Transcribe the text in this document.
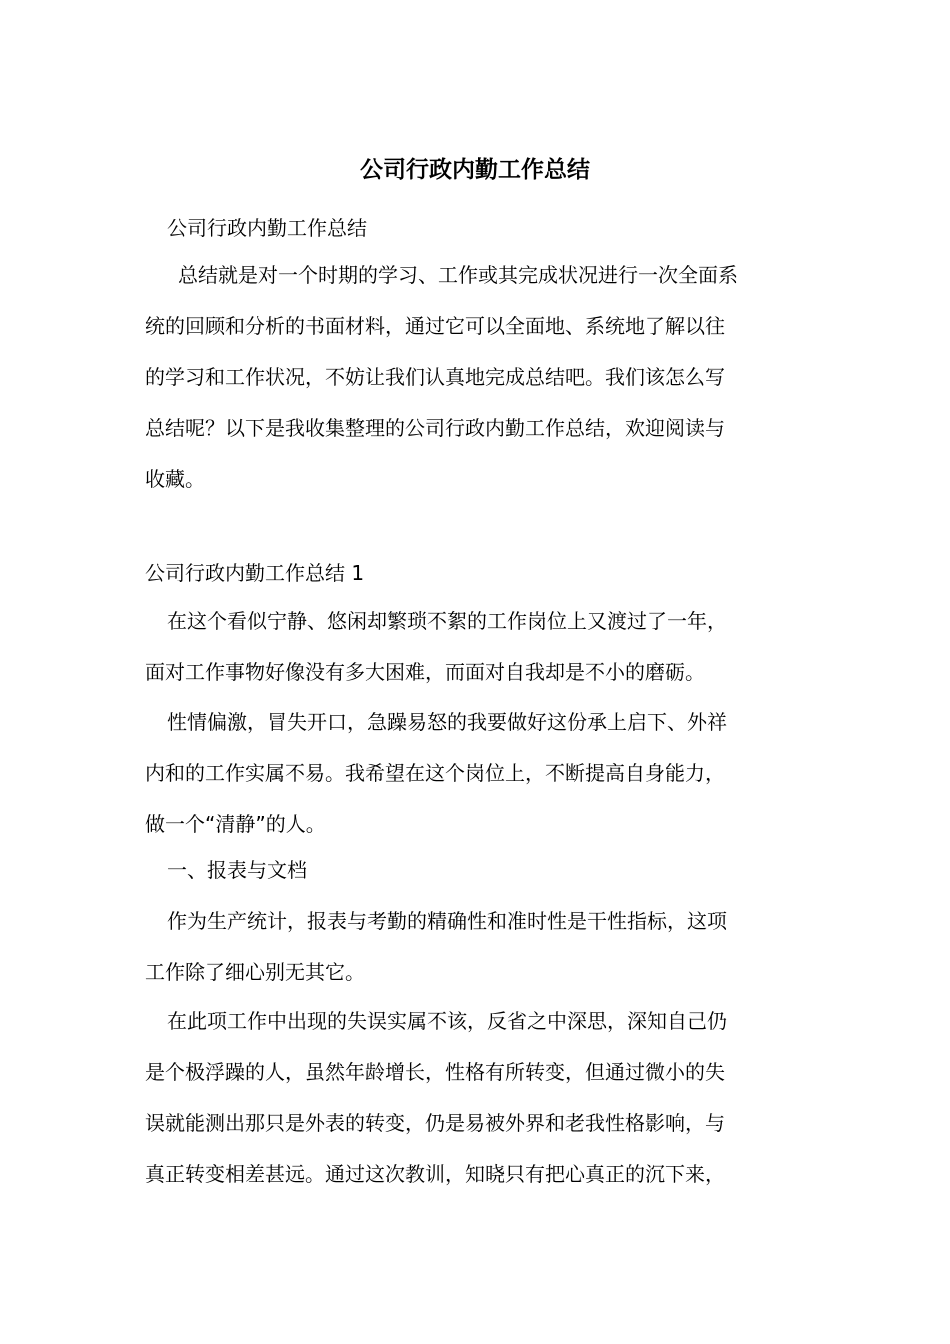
公司行政内勤工作总结
公司行政内勤工作总结
总结就是对一个时期的学习、工作或其完成状况进行一次全面系
统的回顾和分析的书面材料，通过它可以全面地、系统地了解以往
的学习和工作状况，不妨让我们认真地完成总结吧。我们该怎么写
总结呢？以下是我收集整理的公司行政内勤工作总结，欢迎阅读与
收藏。
公司行政内勤工作总结 1
在这个看似宁静、悠闲却繁琐不絮的工作岗位上又渡过了一年，
面对工作事物好像没有多大困难，而面对自我却是不小的磨砺。
性情偏激，冒失开口，急躁易怒的我要做好这份承上启下、外祥
内和的工作实属不易。我希望在这个岗位上，不断提高自身能力，
做一个“清静”的人。
一、报表与文档
作为生产统计，报表与考勤的精确性和准时性是干性指标，这项
工作除了细心别无其它。
在此项工作中出现的失误实属不该，反省之中深思，深知自己仍
是个极浮躁的人，虽然年龄增长，性格有所转变，但通过微小的失
误就能测出那只是外表的转变，仍是易被外界和老我性格影响，与
真正转变相差甚远。通过这次教训，知晓只有把心真正的沉下来，
